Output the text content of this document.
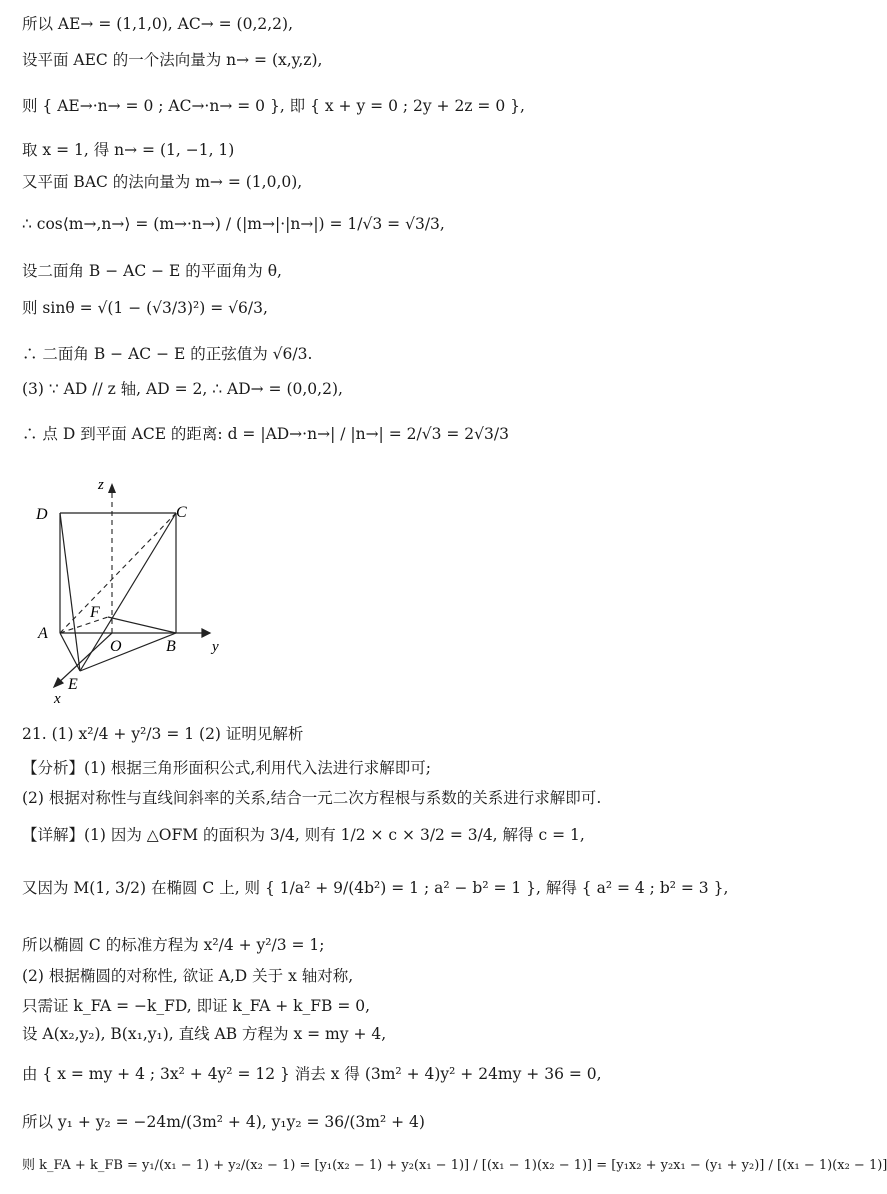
所以 AE→ = (1,1,0), AC→ = (0,2,2),
设平面 AEC 的一个法向量为 n→ = (x,y,z),
则 { AE→·n→ = 0 ; AC→·n→ = 0 }, 即 { x + y = 0 ; 2y + 2z = 0 },
取 x = 1, 得 n→ = (1, −1, 1)
又平面 BAC 的法向量为 m→ = (1,0,0),
∴ cos⟨m→,n→⟩ = (m→·n→) / (|m→|·|n→|) = 1/√3 = √3/3,
设二面角 B − AC − E 的平面角为 θ,
则 sinθ = √(1 − (√3/3)²) = √6/3,
∴ 二面角 B − AC − E 的正弦值为 √6/3.
(3) ∵ AD // z 轴, AD = 2, ∴ AD→ = (0,0,2),
∴ 点 D 到平面 ACE 的距离: d = |AD→·n→| / |n→| = 2/√3 = 2√3/3
z
y
x
D	C
A
B
O
F
E
21. (1) x²/4 + y²/3 = 1 (2) 证明见解析
【分析】(1) 根据三角形面积公式,利用代入法进行求解即可;
(2) 根据对称性与直线间斜率的关系,结合一元二次方程根与系数的关系进行求解即可.
【详解】(1) 因为 △OFM 的面积为 3/4, 则有 1/2 × c × 3/2 = 3/4, 解得 c = 1,
又因为 M(1, 3/2) 在椭圆 C 上, 则 { 1/a² + 9/(4b²) = 1 ; a² − b² = 1 }, 解得 { a² = 4 ; b² = 3 },
所以椭圆 C 的标准方程为 x²/4 + y²/3 = 1;
(2) 根据椭圆的对称性, 欲证 A,D 关于 x 轴对称,
只需证 k_FA = −k_FD, 即证 k_FA + k_FB = 0,
设 A(x₂,y₂), B(x₁,y₁), 直线 AB 方程为 x = my + 4,
由 { x = my + 4 ; 3x² + 4y² = 12 } 消去 x 得 (3m² + 4)y² + 24my + 36 = 0,
所以 y₁ + y₂ = −24m/(3m² + 4), y₁y₂ = 36/(3m² + 4)
则 k_FA + k_FB = y₁/(x₁ − 1) + y₂/(x₂ − 1) = [y₁(x₂ − 1) + y₂(x₁ − 1)] / [(x₁ − 1)(x₂ − 1)] = [y₁x₂ + y₂x₁ − (y₁ + y₂)] / [(x₁ − 1)(x₂ − 1)]
